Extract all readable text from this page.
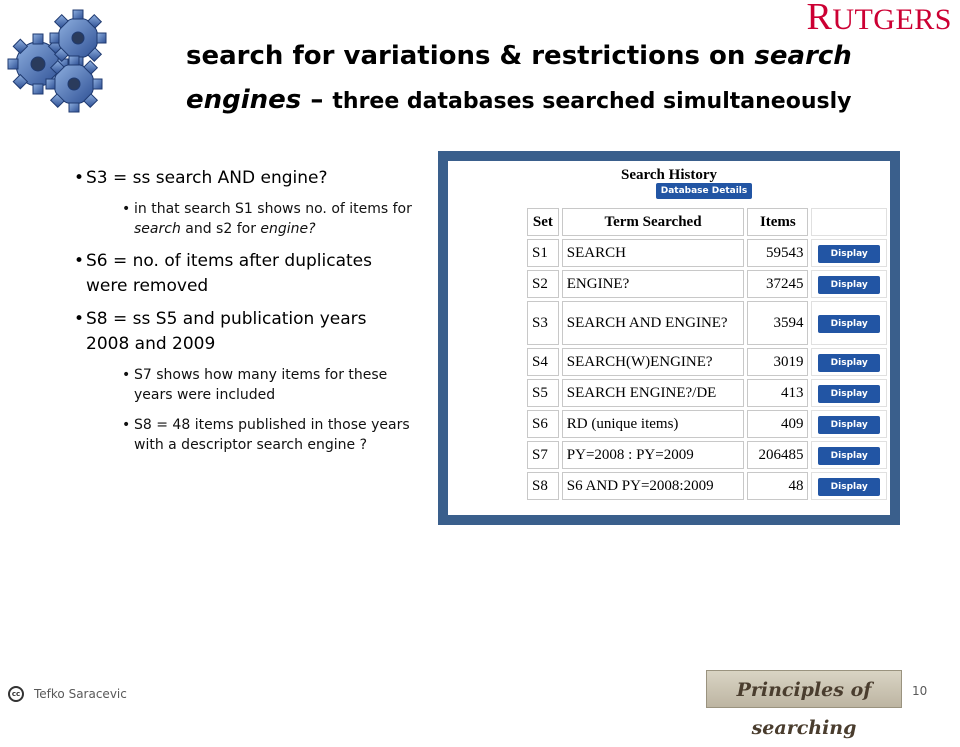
RUTGERS
search for variations & restrictions on search engines – three databases searched simultaneously
• S3 = ss search AND engine?
• in that search S1 shows no. of items for search and s2 for engine?
• S6 = no. of items after duplicates were removed
• S8 = ss S5 and publication years 2008 and 2009
• S7 shows how many items for these years were included
• S8 = 48 items published in those years with a descriptor search engine ?
Search History
Database Details
Set	Term Searched	Items	
S1	SEARCH	59543	Display
S2	ENGINE?	37245	Display
S3	SEARCH AND ENGINE?	3594	Display
S4	SEARCH(W)ENGINE?	3019	Display
S5	SEARCH ENGINE?/DE	413	Display
S6	RD (unique items)	409	Display
S7	PY=2008 : PY=2009	206485	Display
S8	S6 AND PY=2008:2009	48	Display
cc	Tefko Saracevic	Principles of searching
10
